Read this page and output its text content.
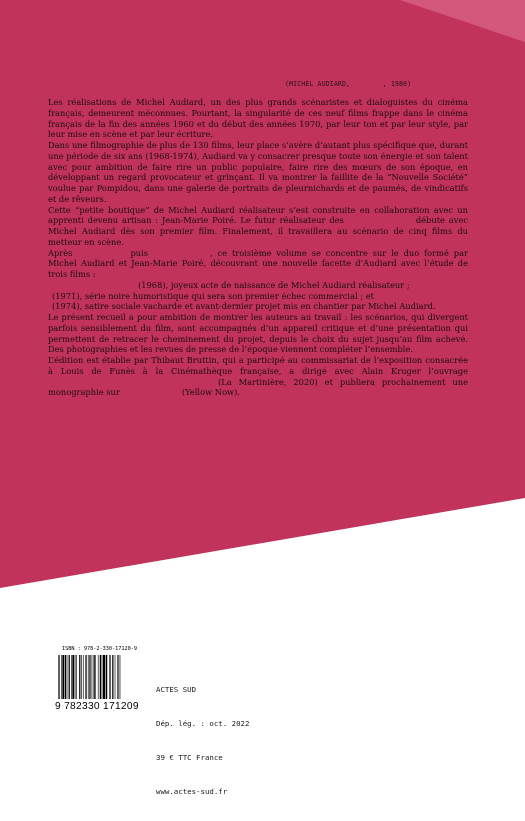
(MICHEL AUDIARD,        , 1980)

Les réalisations de Michel Audiard, un des plus grands scénaristes et dialoguistes du cinéma français, demeurent méconnues. Pourtant, la singularité de ces neuf films frappe dans le cinéma français de la fin des années 1960 et du début des années 1970, par leur ton et par leur style, par leur mise en scène et par leur écriture.

Dans une filmographie de plus de 130 films, leur place s’avère d’autant plus spécifique que, durant une période de six ans (1968-1974), Audiard va y consacrer presque toute son énergie et son talent avec pour ambition de faire rire un public populaire, faire rire des mœurs de son époque, en développant un regard provocateur et grinçant. Il va montrer la faillite de la “Nouvelle Société” voulue par Pompidou, dans une galerie de portraits de pleurnichards et de paumés, de vindicatifs et de rêveurs.

Cette “petite boutique” de Michel Audiard réalisateur s’est construite en collaboration avec un apprenti devenu artisan : Jean-Marie Poiré. Le futur réalisateur des	débute avec Michel Audiard dès son premier film. Finalement, il travaillera au scénario de cinq films du metteur en scène.

Après	puis	, ce troisième volume se concentre sur le duo formé par Michel Audiard et Jean-Marie Poiré, découvrant une nouvelle facette d’Audiard avec l’étude de trois films :

(1968), joyeux acte de naissance de Michel Audiard réalisateur ;

(1971), série noire humoristique qui sera son premier échec commercial ; et

(1974), satire sociale vacharde et avant-dernier projet mis en chantier par Michel Audiard.

Le présent recueil a pour ambition de montrer les auteurs au travail : les scénarios, qui divergent parfois sensiblement du film, sont accompagnés d’un appareil critique et d’une présentation qui permettent de retracer le cheminement du projet, depuis le choix du sujet jusqu’au film achevé. Des photographies et les revues de presse de l’époque viennent compléter l’ensemble.

L’édition est établie par Thibaut Bruttin, qui a participé au commissariat de l’exposition consacrée à Louis de Funès à la Cinémathèque française, a dirigé avec Alain Kruger l’ouvrage(La Martinière, 2020) et publiera prochainement une monographie sur	(Yellow Now).

ISBN : 978-2-330-17120-9
9 782330 171209

ACTES SUD

Dép. lég. : oct. 2022

39 € TTC France

www.actes-sud.fr
